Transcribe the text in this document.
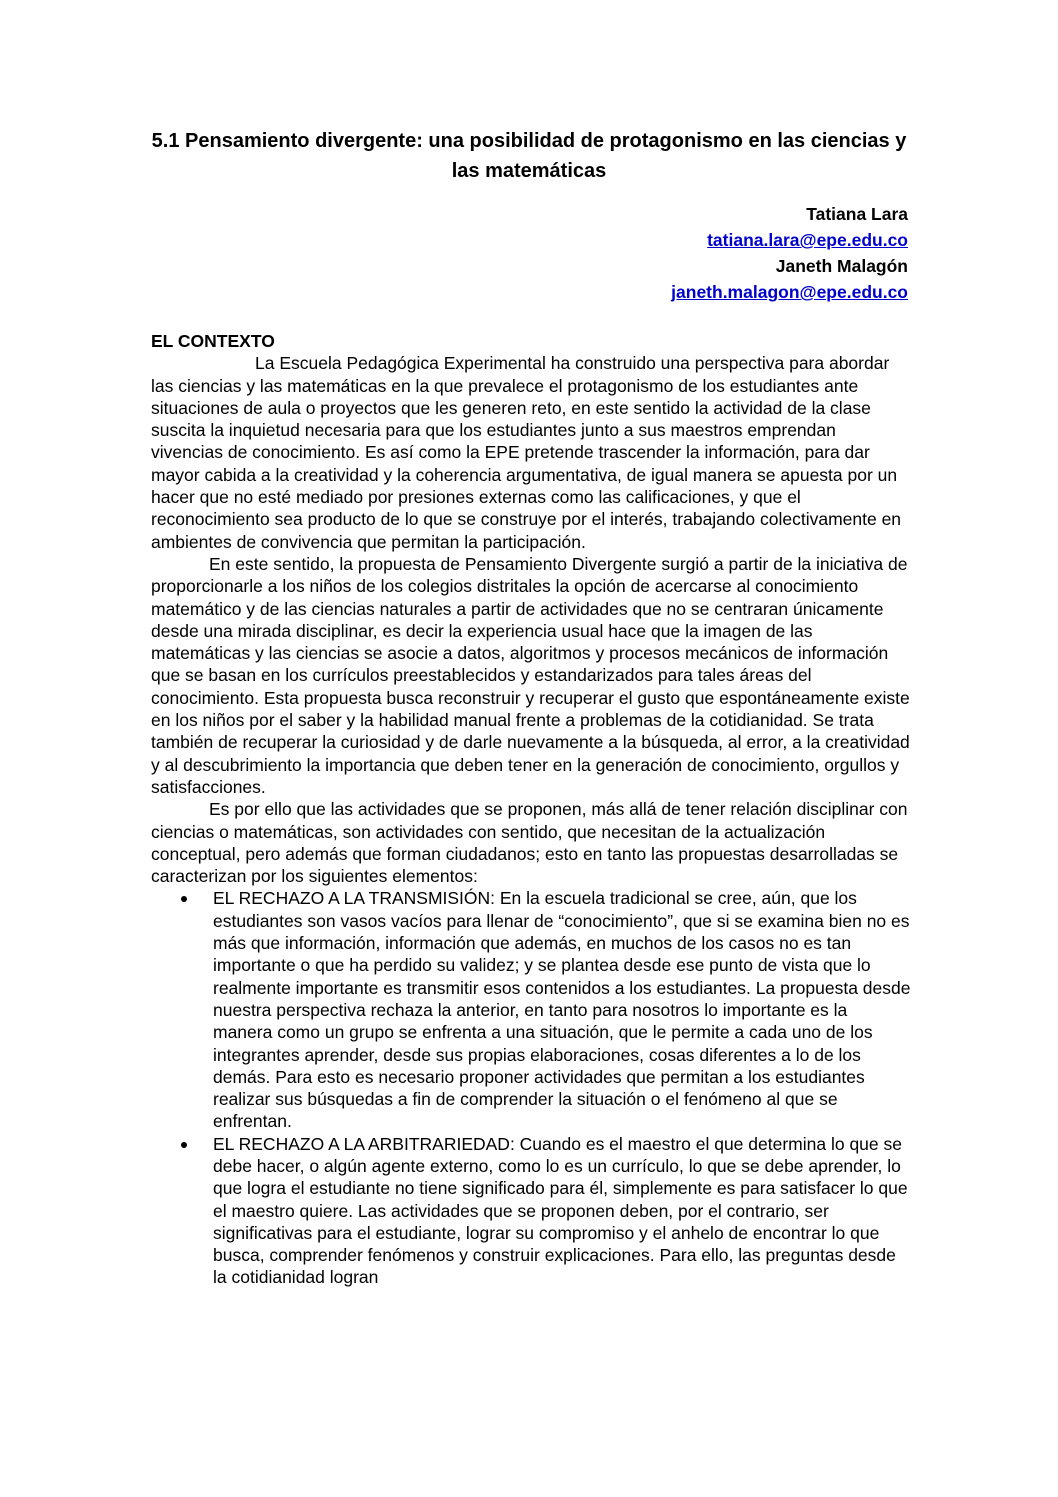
5.1 Pensamiento divergente: una posibilidad de protagonismo en las ciencias y las matemáticas
Tatiana Lara
tatiana.lara@epe.edu.co
Janeth Malagón
janeth.malagon@epe.edu.co

EL CONTEXTO

La Escuela Pedagógica Experimental ha construido una perspectiva para abordar las ciencias y las matemáticas en la que prevalece el protagonismo de los estudiantes ante situaciones de aula o proyectos que les generen reto, en este sentido la actividad de la clase suscita la inquietud necesaria para que los estudiantes junto a sus maestros emprendan vivencias de conocimiento. Es así como la EPE pretende trascender la información, para dar mayor cabida a la creatividad y la coherencia argumentativa, de igual manera se apuesta por un hacer que no esté mediado por presiones externas como las calificaciones, y que el reconocimiento sea producto de lo que se construye por el interés, trabajando colectivamente en ambientes de convivencia que permitan la participación.

En este sentido, la propuesta de Pensamiento Divergente surgió a partir de la iniciativa de proporcionarle a los niños de los colegios distritales la opción de acercarse al conocimiento matemático y de las ciencias naturales a partir de actividades que no se centraran únicamente desde una mirada disciplinar, es decir la experiencia usual hace que la imagen de las matemáticas y las ciencias se asocie a datos, algoritmos y procesos mecánicos de información que se basan en los currículos preestablecidos y estandarizados para tales áreas del conocimiento. Esta propuesta busca reconstruir y recuperar el gusto que espontáneamente existe en los niños por el saber y la habilidad manual frente a problemas de la cotidianidad. Se trata también de recuperar la curiosidad y de darle nuevamente a la búsqueda, al error, a la creatividad y al descubrimiento la importancia que deben tener en la generación de conocimiento, orgullos y satisfacciones.

Es por ello que las actividades que se proponen, más allá de tener relación disciplinar con ciencias o matemáticas, son actividades con sentido, que necesitan de la actualización conceptual, pero además que forman ciudadanos; esto en tanto las propuestas desarrolladas se caracterizan por los siguientes elementos:

EL RECHAZO A LA TRANSMISIÓN: En la escuela tradicional se cree, aún, que los estudiantes son vasos vacíos para llenar de “conocimiento”, que si se examina bien no es más que información, información que además, en muchos de los casos no es tan importante o que ha perdido su validez; y se plantea desde ese punto de vista que lo realmente importante es transmitir esos contenidos a los estudiantes. La propuesta desde nuestra perspectiva rechaza la anterior, en tanto para nosotros lo importante es la manera como un grupo se enfrenta a una situación, que le permite a cada uno de los integrantes aprender, desde sus propias elaboraciones, cosas diferentes a lo de los demás. Para esto es necesario proponer actividades que permitan a los estudiantes realizar sus búsquedas a fin de comprender la situación o el fenómeno al que se enfrentan.
EL RECHAZO A LA ARBITRARIEDAD: Cuando es el maestro el que determina lo que se debe hacer, o algún agente externo, como lo es un currículo, lo que se debe aprender, lo que logra el estudiante no tiene significado para él, simplemente es para satisfacer lo que el maestro quiere. Las actividades que se proponen deben, por el contrario, ser significativas para el estudiante, lograr su compromiso y el anhelo de encontrar lo que busca, comprender fenómenos y construir explicaciones. Para ello, las preguntas desde la cotidianidad logran
